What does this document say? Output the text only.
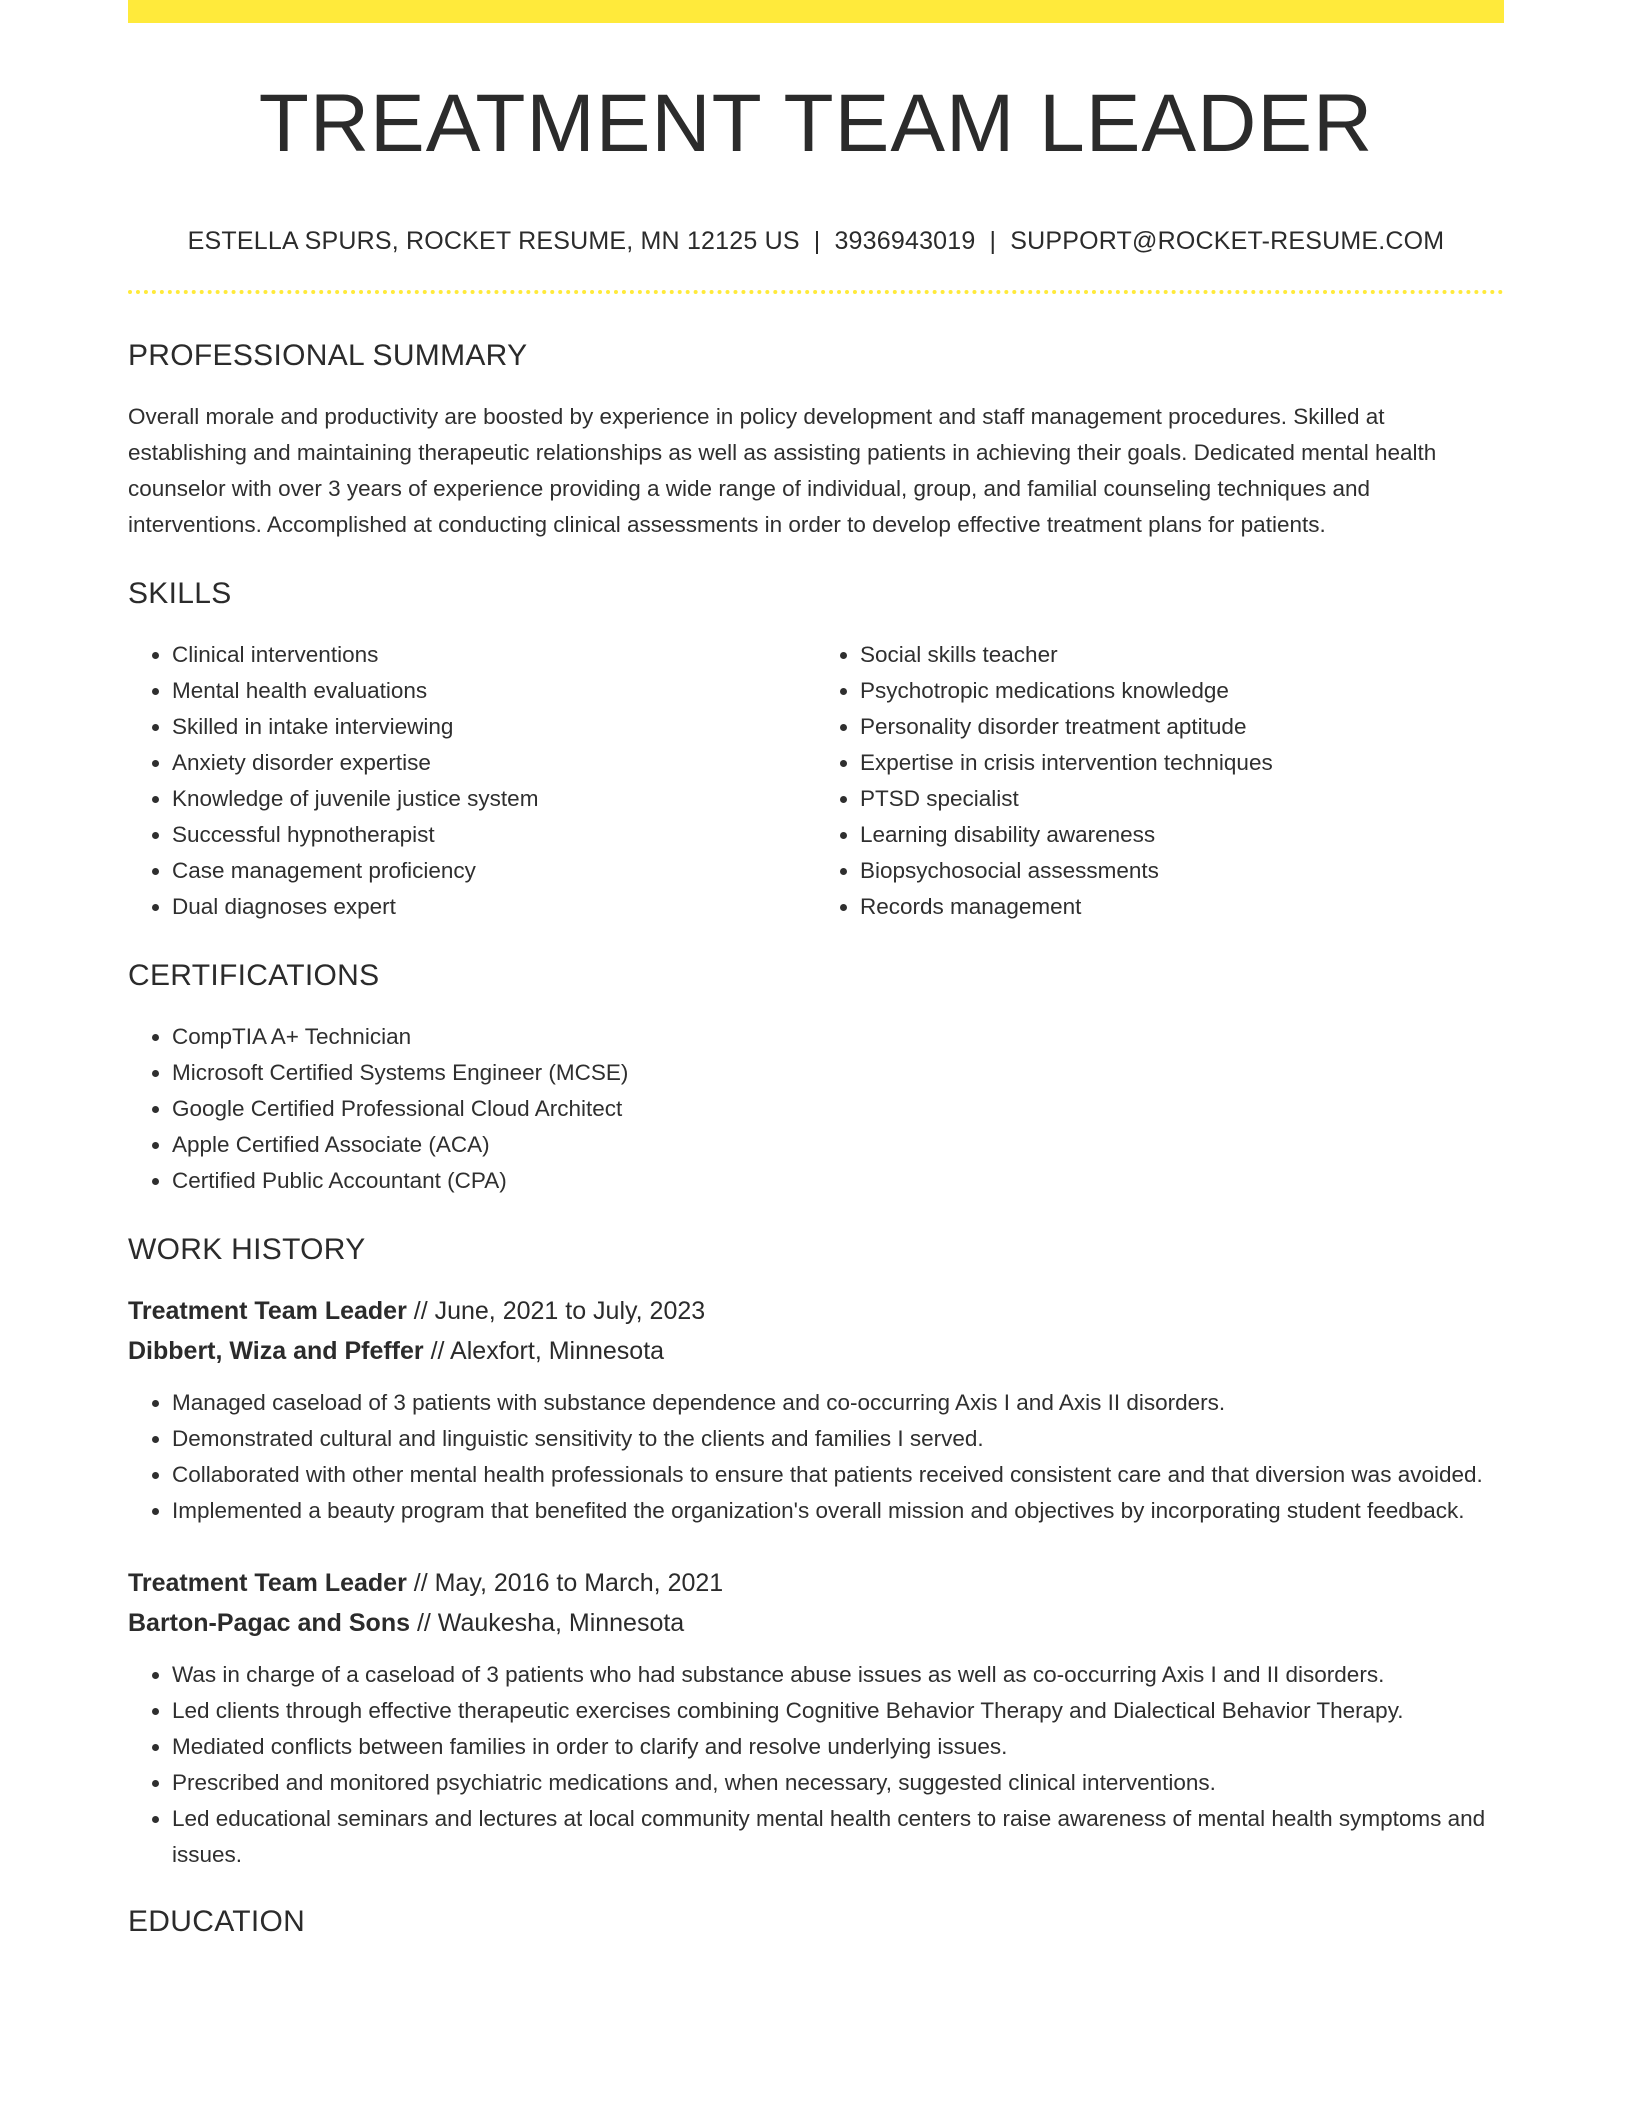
TREATMENT TEAM LEADER
ESTELLA SPURS, ROCKET RESUME, MN 12125 US | 3936943019 | SUPPORT@ROCKET-RESUME.COM
PROFESSIONAL SUMMARY

Overall morale and productivity are boosted by experience in policy development and staff management procedures. Skilled at establishing and maintaining therapeutic relationships as well as assisting patients in achieving their goals. Dedicated mental health counselor with over 3 years of experience providing a wide range of individual, group, and familial counseling techniques and interventions. Accomplished at conducting clinical assessments in order to develop effective treatment plans for patients.

SKILLS
• Clinical interventions
• Mental health evaluations
• Skilled in intake interviewing
• Anxiety disorder expertise
• Knowledge of juvenile justice system
• Successful hypnotherapist
• Case management proficiency
• Dual diagnoses expert
• Social skills teacher
• Psychotropic medications knowledge
• Personality disorder treatment aptitude
• Expertise in crisis intervention techniques
• PTSD specialist
• Learning disability awareness
• Biopsychosocial assessments
• Records management
CERTIFICATIONS
• CompTIA A+ Technician
• Microsoft Certified Systems Engineer (MCSE)
• Google Certified Professional Cloud Architect
• Apple Certified Associate (ACA)
• Certified Public Accountant (CPA)
WORK HISTORY
Treatment Team Leader // June, 2021 to July, 2023
Dibbert, Wiza and Pfeffer // Alexfort, Minnesota
• Managed caseload of 3 patients with substance dependence and co-occurring Axis I and Axis II disorders.
• Demonstrated cultural and linguistic sensitivity to the clients and families I served.
• Collaborated with other mental health professionals to ensure that patients received consistent care and that diversion was avoided.
• Implemented a beauty program that benefited the organization's overall mission and objectives by incorporating student feedback.
Treatment Team Leader // May, 2016 to March, 2021
Barton-Pagac and Sons // Waukesha, Minnesota
• Was in charge of a caseload of 3 patients who had substance abuse issues as well as co-occurring Axis I and II disorders.
• Led clients through effective therapeutic exercises combining Cognitive Behavior Therapy and Dialectical Behavior Therapy.
• Mediated conflicts between families in order to clarify and resolve underlying issues.
• Prescribed and monitored psychiatric medications and, when necessary, suggested clinical interventions.
• Led educational seminars and lectures at local community mental health centers to raise awareness of mental health symptoms and issues.
EDUCATION
